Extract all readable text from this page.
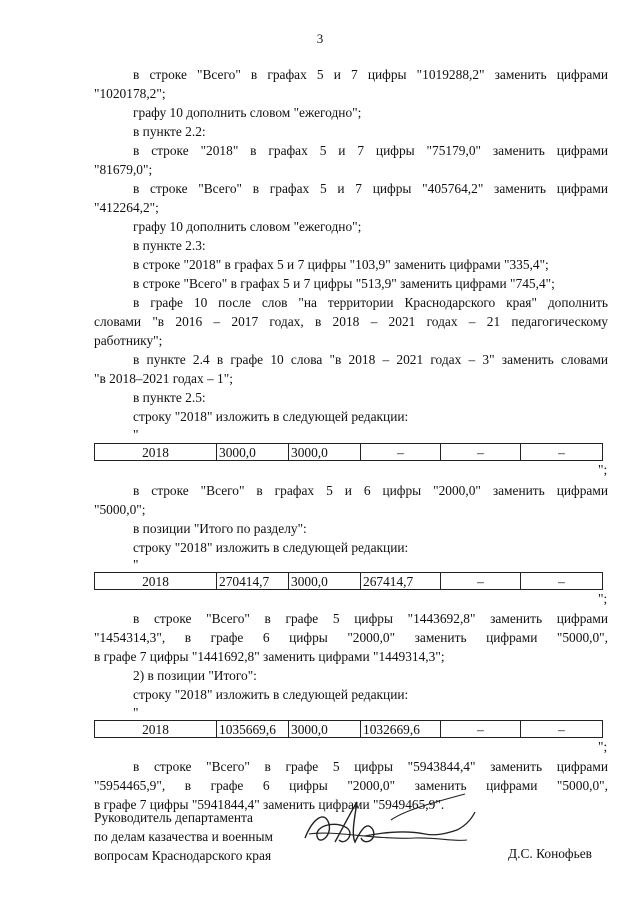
3
в строке "Всего" в графах 5 и 7 цифры "1019288,2" заменить цифрами
"1020178,2";
графу 10 дополнить словом "ежегодно";
в пункте 2.2:
в строке "2018" в графах 5 и 7 цифры "75179,0" заменить цифрами
"81679,0";
в строке "Всего" в графах 5 и 7 цифры "405764,2" заменить цифрами
"412264,2";
графу 10 дополнить словом "ежегодно";
в пункте 2.3:
в строке "2018" в графах 5 и 7 цифры "103,9" заменить цифрами "335,4";
в строке "Всего" в графах 5 и 7 цифры "513,9" заменить цифрами "745,4";
в графе 10 после слов "на территории Краснодарского края" дополнить
словами "в 2016 – 2017 годах, в 2018 – 2021 годах – 21 педагогическому
работнику";
в пункте 2.4 в графе 10 слова "в 2018 – 2021 годах – 3" заменить словами
"в 2018–2021 годах – 1";
в пункте 2.5:
строку "2018" изложить в следующей редакции:
"
2018	3000,0	3000,0	–	–	–
";
в строке "Всего" в графах 5 и 6 цифры "2000,0" заменить цифрами
"5000,0";
в позиции "Итого по разделу":
строку "2018" изложить в следующей редакции:
"
2018	270414,7	3000,0	267414,7	–	–
";
в строке "Всего" в графе 5 цифры "1443692,8" заменить цифрами
"1454314,3", в графе 6 цифры "2000,0" заменить цифрами "5000,0",
в графе 7 цифры "1441692,8" заменить цифрами "1449314,3";
2) в позиции "Итого":
строку "2018" изложить в следующей редакции:
"
2018	1035669,6	3000,0	1032669,6	–	–
";
в строке "Всего" в графе 5 цифры "5943844,4" заменить цифрами
"5954465,9", в графе 6 цифры "2000,0" заменить цифрами "5000,0",
в графе 7 цифры "5941844,4" заменить цифрами "5949465,9".
Руководитель департамента
по делам казачества и военным
вопросам Краснодарского края	Д.С. Конофьев
